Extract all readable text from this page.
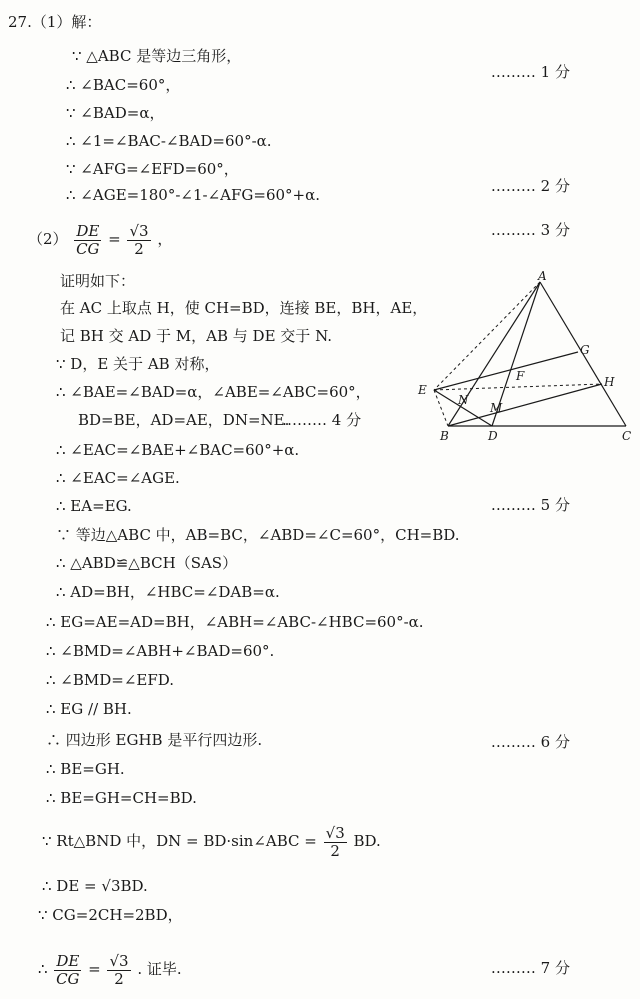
27.（1）解：
∵ △ABC 是等边三角形，
∴ ∠BAC=60°，
∵ ∠BAD=α，
∴ ∠1=∠BAC-∠BAD=60°-α.
∵ ∠AFG=∠EFD=60°，
∴ ∠AGE=180°-∠1-∠AFG=60°+α.
……… 1 分
……… 2 分
$(2) \frac{DE}{CG} = \frac{√3}{2}$ ，	……… 3 分
证明如下：
在 AC 上取点 H，使 CH=BD，连接 BE，BH，AE，
记 BH 交 AD 于 M，AB 与 DE 交于 N.
∵ D，E 关于 AB 对称，
∴ ∠BAE=∠BAD=α，∠ABE=∠ABC=60°，
BD=BE，AD=AE，DN=NE.
……… 4 分
∴ ∠EAC=∠BAE+∠BAC=60°+α.
∴ ∠EAC=∠AGE.
∴ EA=EG.	……… 5 分
∵ 等边△ABC 中，AB=BC，∠ABD=∠C=60°，CH=BD.
∴ △ABD≌△BCH（SAS）
∴ AD=BH，∠HBC=∠DAB=α.
∴ EG=AE=AD=BH，∠ABH=∠ABC-∠HBC=60°-α.
∴ ∠BMD=∠ABH+∠BAD=60°.
∴ ∠BMD=∠EFD.
∴ EG // BH.
∴ 四边形 EGHB 是平行四边形.	……… 6 分
∴ BE=GH.
∴ BE=GH=CH=BD.
∵ Rt△BND 中，DN = BD·sin∠ABC = $\frac{√3}{2}$ BD.
∴ DE = √3BD.
∵ CG=2CH=2BD，
∴ $\frac{DE}{CG} = \frac{√3}{2}$ . 证毕.	……… 7 分
A
B	C
D
E
F
G
H
M
N
